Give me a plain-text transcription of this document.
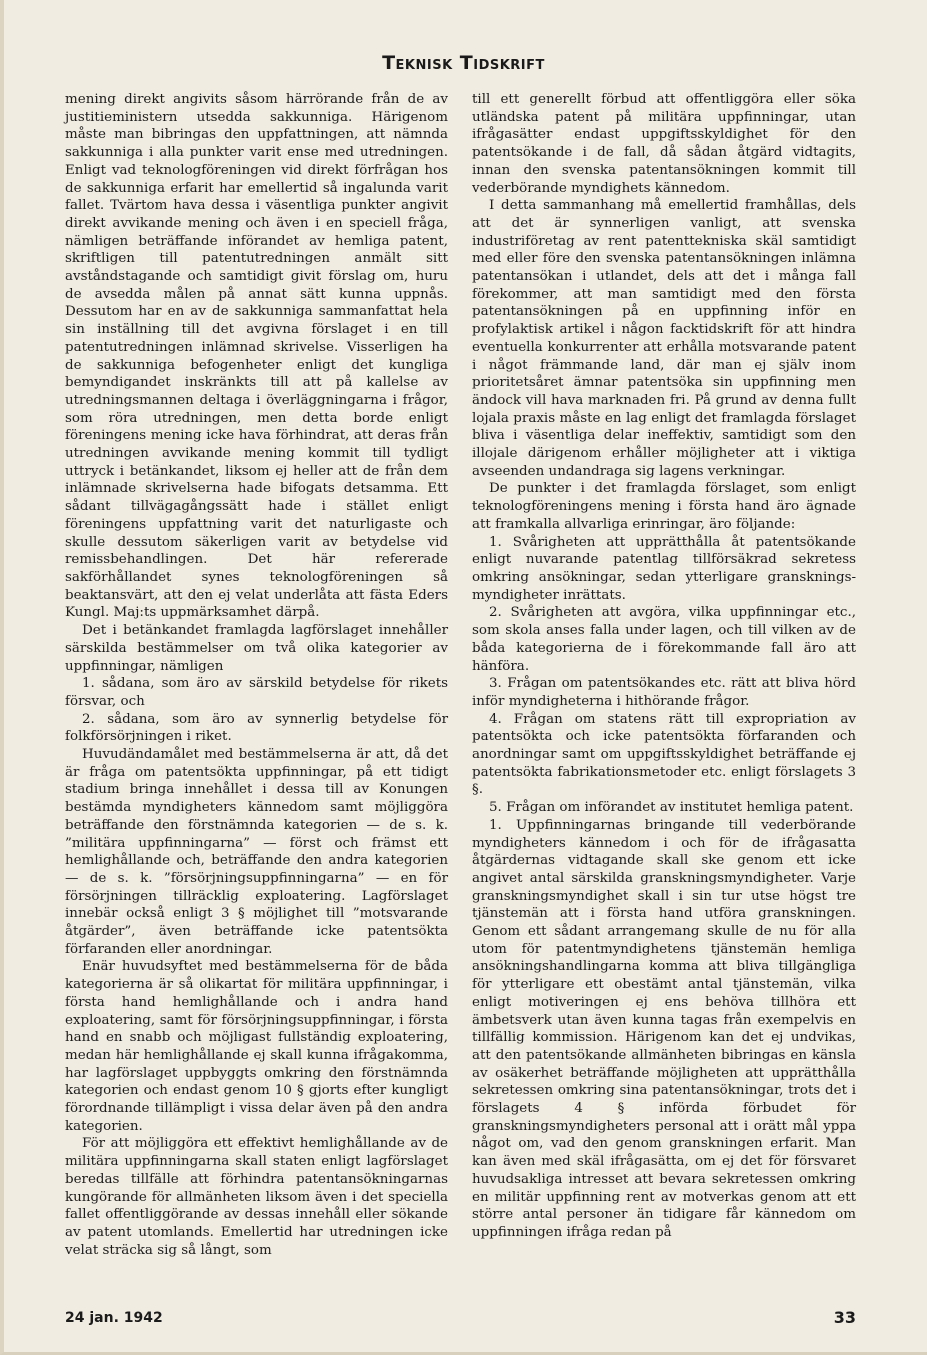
Teknisk Tidskrift

mening direkt angivits såsom härrörande från de av justitieministern utsedda sakkunniga. Härigenom måste man bibringas den uppfattningen, att nämnda sakkunniga i alla punkter varit ense med utredningen. Enligt vad teknologföreningen vid direkt förfrågan hos de sakkunniga erfarit har emellertid så ingalunda varit fallet. Tvärtom hava dessa i väsentliga punkter angivit direkt avvikande mening och även i en speciell fråga, nämligen beträffande införandet av hemliga patent, skriftligen till patentutredningen anmält sitt avståndstagande och samtidigt givit förslag om, huru de avsedda målen på annat sätt kunna uppnås. Dessutom har en av de sakkunniga sammanfattat hela sin inställning till det avgivna förslaget i en till patentutredningen inlämnad skrivelse. Visserligen ha de sakkunniga befogenheter enligt det kungliga bemyndigandet inskränkts till att på kallelse av utredningsmannen deltaga i överläggningarna i frågor, som röra utredningen, men detta borde enligt föreningens mening icke hava förhindrat, att deras från utredningen avvikande mening kommit till tydligt uttryck i betänkandet, liksom ej heller att de från dem inlämnade skrivelserna hade bifogats detsamma. Ett sådant tillvägagångssätt hade i stället enligt föreningens uppfattning varit det naturligaste och skulle dessutom säkerligen varit av betydelse vid remissbehandlingen. Det här refererade sakförhållandet synes teknologföreningen så beaktansvärt, att den ej velat underlåta att fästa Eders Kungl. Maj:ts uppmärksamhet därpå.

Det i betänkandet framlagda lagförslaget innehåller särskilda bestämmelser om två olika kategorier av uppfinningar, nämligen

1. sådana, som äro av särskild betydelse för rikets försvar, och

2. sådana, som äro av synnerlig betydelse för folkförsörjningen i riket.

Huvudändamålet med bestämmelserna är att, då det är fråga om patentsökta uppfinningar, på ett tidigt stadium bringa innehållet i dessa till av Konungen bestämda myndigheters kännedom samt möjliggöra beträffande den förstnämnda kategorien — de s. k. ”militära uppfinningarna” — först och främst ett hemlighållande och, beträffande den andra kategorien — de s. k. ”försörjningsuppfinningarna” — en för försörjningen tillräcklig exploatering. Lagförslaget innebär också enligt 3 § möjlighet till ”motsvarande åtgärder”, även beträffande icke patentsökta förfaranden eller anordningar.

Enär huvudsyftet med bestämmelserna för de båda kategorierna är så olikartat för militära uppfinningar, i första hand hemlighållande och i andra hand exploatering, samt för försörjningsuppfinningar, i första hand en snabb och möjligast fullständig exploatering, medan här hemlighållande ej skall kunna ifrågakomma, har lagförslaget uppbyggts omkring den förstnämnda kategorien och endast genom 10 § gjorts efter kungligt förordnande tillämpligt i vissa delar även på den andra kategorien.

För att möjliggöra ett effektivt hemlighållande av de militära uppfinningarna skall staten enligt lagförslaget beredas tillfälle att förhindra patentansökningarnas kungörande för allmänheten liksom även i det speciella fallet offentliggörande av dessas innehåll eller sökande av patent utomlands. Emellertid har utredningen icke velat sträcka sig så långt, som

till ett generellt förbud att offentliggöra eller söka utländska patent på militära uppfinningar, utan ifrågasätter endast uppgiftsskyldighet för den patentsökande i de fall, då sådan åtgärd vidtagits, innan den svenska patentansökningen kommit till vederbörande myndighets kännedom.

I detta sammanhang må emellertid framhållas, dels att det är synnerligen vanligt, att svenska industriföretag av rent patenttekniska skäl samtidigt med eller före den svenska patentansökningen inlämna patentansökan i utlandet, dels att det i många fall förekommer, att man samtidigt med den första patentansökningen på en uppfinning inför en profylaktisk artikel i någon facktidskrift för att hindra eventuella konkurrenter att erhålla motsvarande patent i något främmande land, där man ej själv inom prioritetsåret ämnar patentsöka sin uppfinning men ändock vill hava marknaden fri. På grund av denna fullt lojala praxis måste en lag enligt det framlagda förslaget bliva i väsentliga delar ineffektiv, samtidigt som den illojale därigenom erhåller möjligheter att i viktiga avseenden undandraga sig lagens verkningar.

De punkter i det framlagda förslaget, som enligt teknologföreningens mening i första hand äro ägnade att framkalla allvarliga erinringar, äro följande:

1. Svårigheten att upprätthålla åt patentsökande enligt nuvarande patentlag tillförsäkrad sekretess omkring ansökningar, sedan ytterligare gransknings-myndigheter inrättats.

2. Svårigheten att avgöra, vilka uppfinningar etc., som skola anses falla under lagen, och till vilken av de båda kategorierna de i förekommande fall äro att hänföra.

3. Frågan om patentsökandes etc. rätt att bliva hörd inför myndigheterna i hithörande frågor.

4. Frågan om statens rätt till expropriation av patentsökta och icke patentsökta förfaranden och anordningar samt om uppgiftsskyldighet beträffande ej patentsökta fabrikationsmetoder etc. enligt förslagets 3 §.

5. Frågan om införandet av institutet hemliga patent.

1. Uppfinningarnas bringande till vederbörande myndigheters kännedom i och för de ifrågasatta åtgärdernas vidtagande skall ske genom ett icke angivet antal särskilda granskningsmyndigheter. Varje granskningsmyndighet skall i sin tur utse högst tre tjänstemän att i första hand utföra granskningen. Genom ett sådant arrangemang skulle de nu för alla utom för patentmyndighetens tjänstemän hemliga ansökningshandlingarna komma att bliva tillgängliga för ytterligare ett obestämt antal tjänstemän, vilka enligt motiveringen ej ens behöva tillhöra ett ämbetsverk utan även kunna tagas från exempelvis en tillfällig kommission. Härigenom kan det ej undvikas, att den patentsökande allmänheten bibringas en känsla av osäkerhet beträffande möjligheten att upprätthålla sekretessen omkring sina patentansökningar, trots det i förslagets 4 § införda förbudet för granskningsmyndigheters personal att i orätt mål yppa något om, vad den genom granskningen erfarit. Man kan även med skäl ifrågasätta, om ej det för försvaret huvudsakliga intresset att bevara sekretessen omkring en militär uppfinning rent av motverkas genom att ett större antal personer än tidigare får kännedom om uppfinningen ifråga redan på

24 jan. 1942	33
